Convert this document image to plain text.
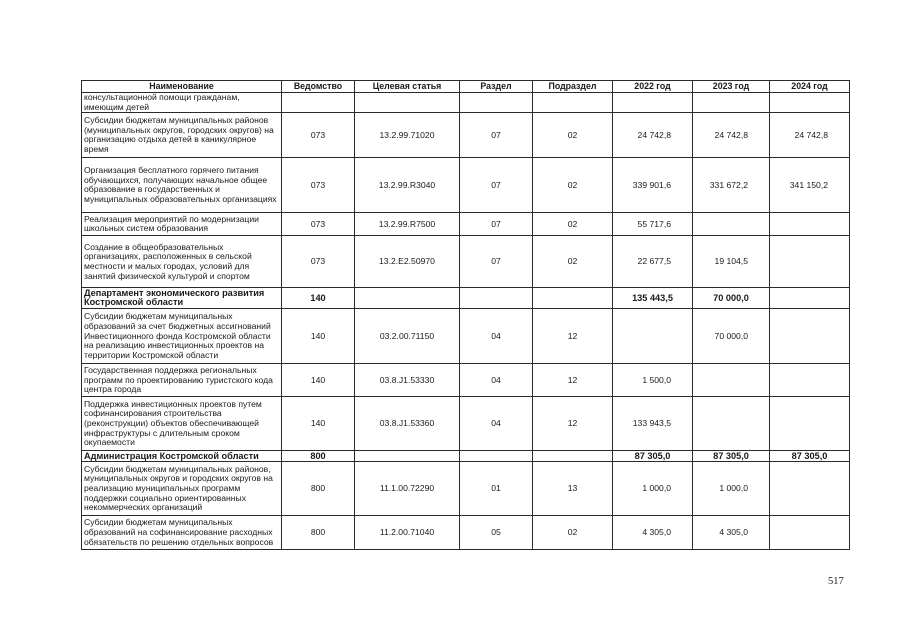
Наименование	Ведомство	Целевая статья	Раздел	Подраздел	2022 год	2023 год	2024 год
консультационной помощи гражданам, имеющим детей							
Субсидии бюджетам муниципальных районов (муниципальных округов, городских округов) на организацию отдыха детей в каникулярное время	073	13.2.99.71020	07	02	24 742,8	24 742,8	24 742,8
Организация бесплатного горячего питания обучающихся, получающих начальное общее образование в государственных и муниципальных образовательных организациях	073	13.2.99.R3040	07	02	339 901,6	331 672,2	341 150,2
Реализация мероприятий по модернизации школьных систем образования	073	13.2.99.R7500	07	02	55 717,6		
Создание в общеобразовательных организациях, расположенных в сельской местности и малых городах, условий для занятий физической культурой и спортом	073	13.2.E2.50970	07	02	22 677,5	19 104,5	
Департамент экономического развития Костромской области	140				135 443,5	70 000,0	
Субсидии бюджетам муниципальных образований за счет бюджетных ассигнований Инвестиционного фонда Костромской области на реализацию инвестиционных проектов на территории Костромской области	140	03.2.00.71150	04	12		70 000,0	
Государственная поддержка региональных программ по проектированию туристского кода центра города	140	03.8.J1.53330	04	12	1 500,0		
Поддержка инвестиционных проектов путем софинансирования строительства (реконструкции) объектов обеспечивающей инфраструктуры с длительным сроком окупаемости	140	03.8.J1.53360	04	12	133 943,5		
Администрация Костромской области	800				87 305,0	87 305,0	87 305,0
Субсидии бюджетам муниципальных районов, муниципальных округов и городских округов на реализацию муниципальных программ поддержки социально ориентированных некоммерческих организаций	800	11.1.00.72290	01	13	1 000,0	1 000,0	
Субсидии бюджетам муниципальных образований на софинансирование расходных обязательств по решению отдельных вопросов	800	11.2.00.71040	05	02	4 305,0	4 305,0	
517
